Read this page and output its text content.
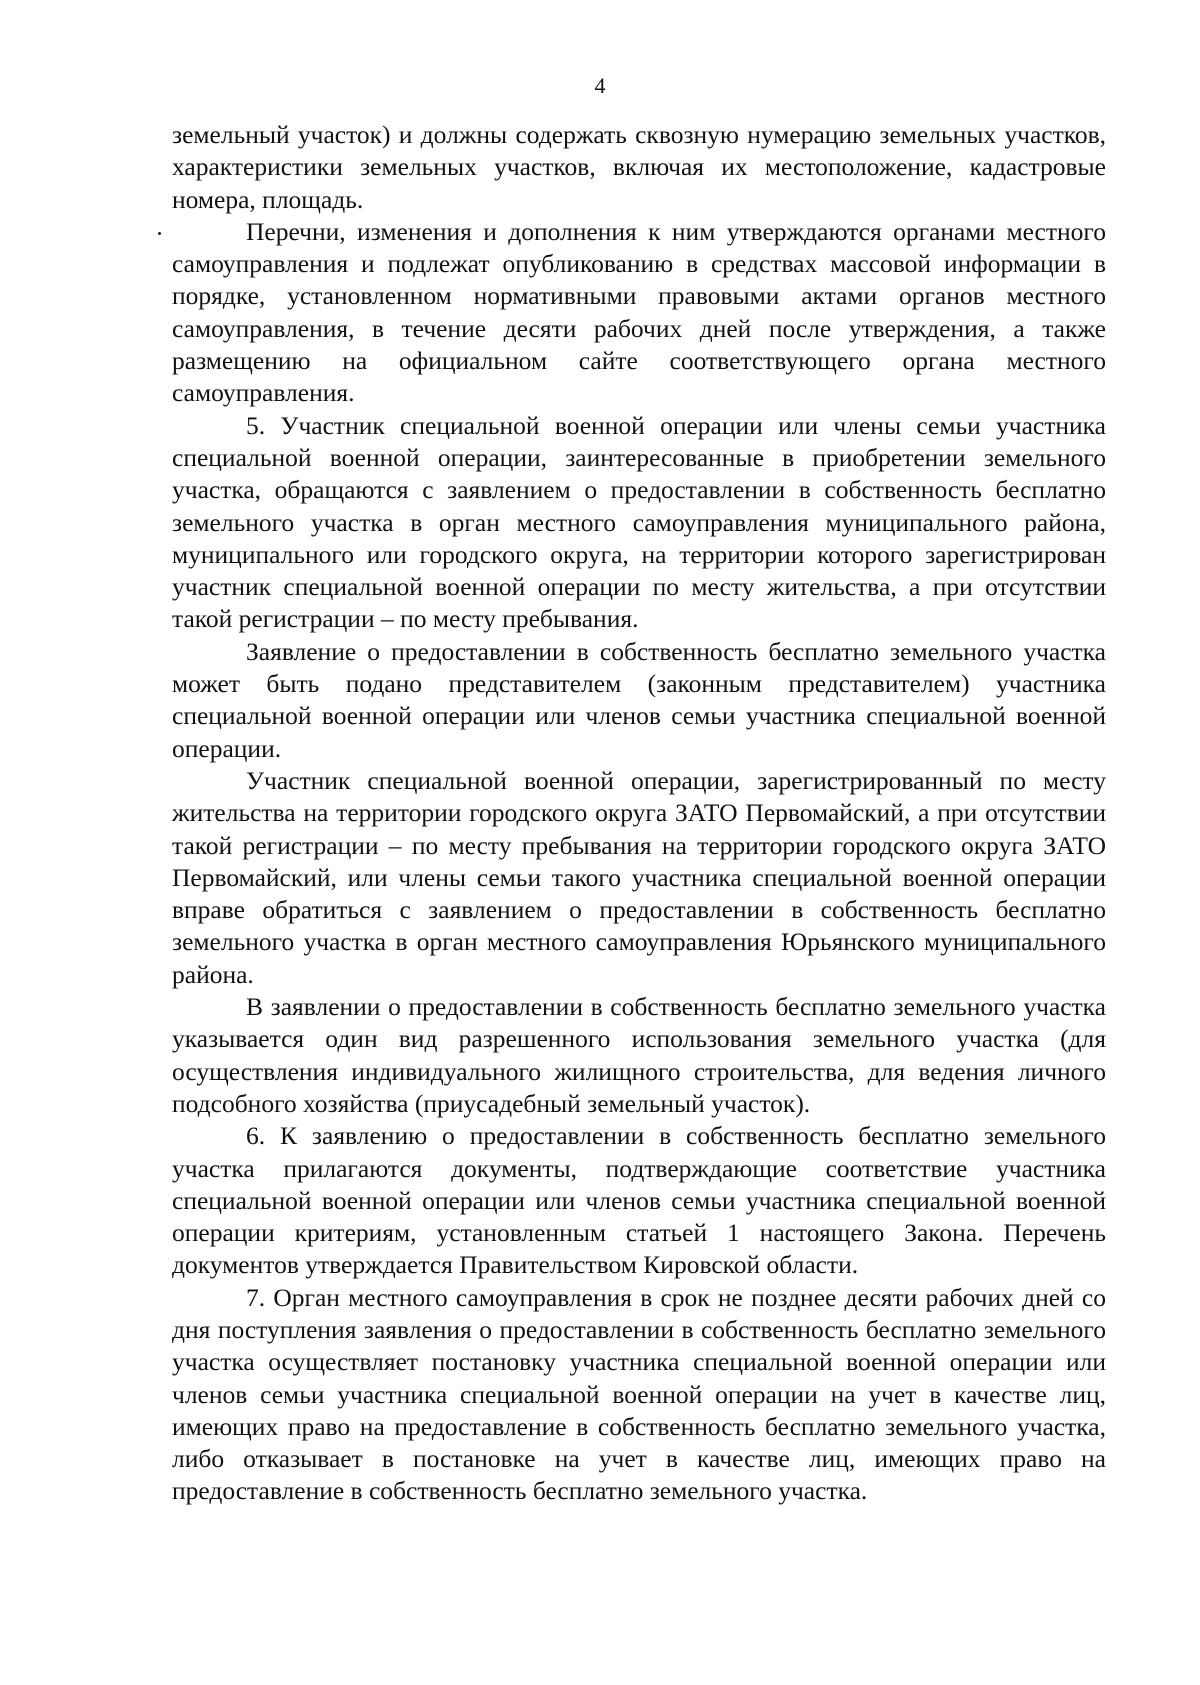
4

земельный участок) и должны содержать сквозную нумерацию земельных участков, характеристики земельных участков, включая их местоположение, кадастровые номера, площадь.

Перечни, изменения и дополнения к ним утверждаются органами местного самоуправления и подлежат опубликованию в средствах массовой информации в порядке, установленном нормативными правовыми актами органов местного самоуправления, в течение десяти рабочих дней после утверждения, а также размещению на официальном сайте соответствующего органа местного самоуправления.

5. Участник специальной военной операции или члены семьи участника специальной военной операции, заинтересованные в приобретении земельного участка, обращаются с заявлением о предоставлении в собственность бесплатно земельного участка в орган местного самоуправления муниципального района, муниципального или городского округа, на территории которого зарегистрирован участник специальной военной операции по месту жительства, а при отсутствии такой регистрации – по месту пребывания.

Заявление о предоставлении в собственность бесплатно земельного участка может быть подано представителем (законным представителем) участника специальной военной операции или членов семьи участника специальной военной операции.

Участник специальной военной операции, зарегистрированный по месту жительства на территории городского округа ЗАТО Первомайский, а при отсутствии такой регистрации – по месту пребывания на территории городского округа ЗАТО Первомайский, или члены семьи такого участника специальной военной операции вправе обратиться с заявлением о предоставлении в собственность бесплатно земельного участка в орган местного самоуправления Юрьянского муниципального района.

В заявлении о предоставлении в собственность бесплатно земельного участка указывается один вид разрешенного использования земельного участка (для осуществления индивидуального жилищного строительства, для ведения личного подсобного хозяйства (приусадебный земельный участок).

6. К заявлению о предоставлении в собственность бесплатно земельного участка прилагаются документы, подтверждающие соответствие участника специальной военной операции или членов семьи участника специальной военной операции критериям, установленным статьей 1 настоящего Закона. Перечень документов утверждается Правительством Кировской области.

7. Орган местного самоуправления в срок не позднее десяти рабочих дней со дня поступления заявления о предоставлении в собственность бесплатно земельного участка осуществляет постановку участника специальной военной операции или членов семьи участника специальной военной операции на учет в качестве лиц, имеющих право на предоставление в собственность бесплатно земельного участка, либо отказывает в постановке на учет в качестве лиц, имеющих право на предоставление в собственность бесплатно земельного участка.
